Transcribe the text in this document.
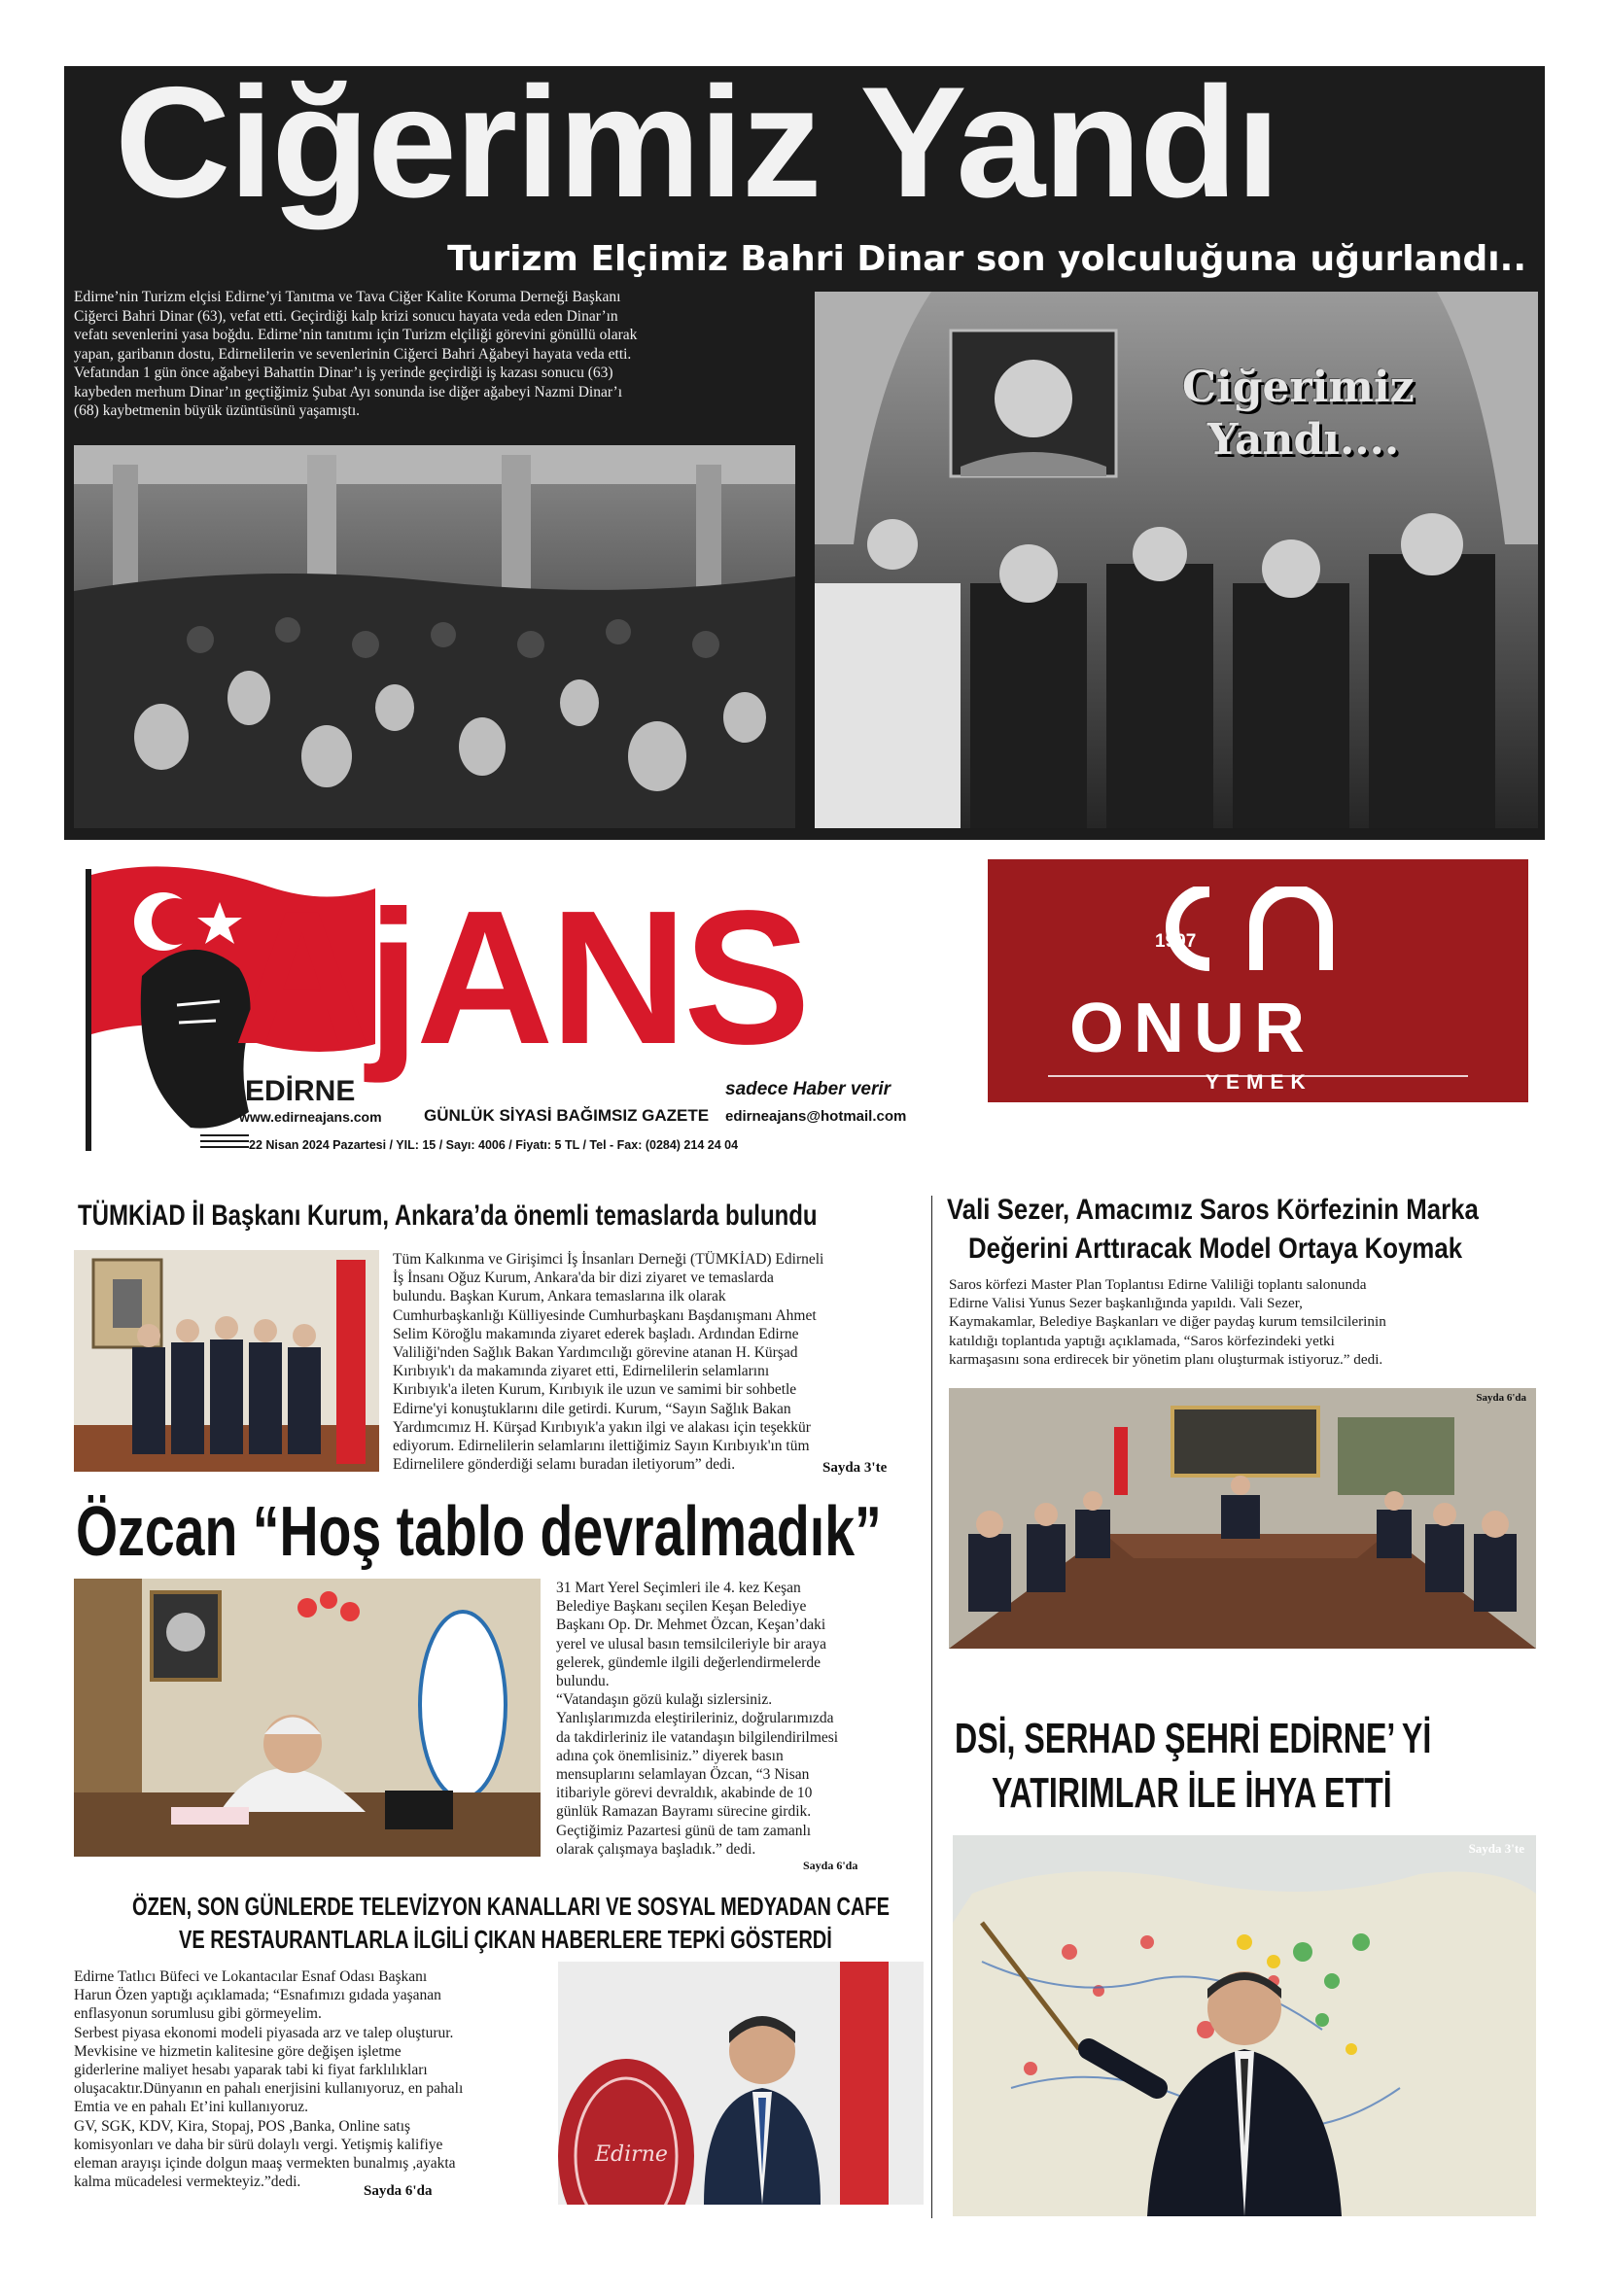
Ciğerimiz Yandı
Turizm Elçimiz Bahri Dinar son yolculuğuna uğurlandı..
Edirne’nin Turizm elçisi Edirne’yi Tanıtma ve Tava Ciğer Kalite Koruma Derneği Başkanı
Ciğerci Bahri Dinar (63), vefat etti. Geçirdiği kalp krizi sonucu hayata veda eden Dinar’ın
vefatı sevenlerini yasa boğdu. Edirne’nin tanıtımı için Turizm elçiliği görevini gönüllü olarak
yapan, garibanın dostu, Edirnelilerin ve sevenlerinin Ciğerci Bahri Ağabeyi hayata veda etti.
Vefatından 1 gün önce ağabeyi Bahattin Dinar’ı iş yerinde geçirdiği iş kazası sonucu (63)
kaybeden merhum Dinar’ın geçtiğimiz Şubat Ayı sonunda ise diğer ağabeyi Nazmi Dinar’ı
(68) kaybetmenin büyük üzüntüsünü yaşamıştı.	Ciğerimiz
Yandı....
AjANS
EDİRNE	sadece Haber verir
www.edirneajans.com	GÜNLÜK SİYASİ BAĞIMSIZ GAZETE edirneajans@hotmail.com
22 Nisan 2024 Pazartesi / YIL: 15 / Sayı: 4006 / Fiyatı: 5 TL / Tel - Fax: (0284) 214 24 04
1997
ONUR
YEMEK
TÜMKİAD İl Başkanı Kurum, Ankara’da önemli temaslarda bulundu
Tüm Kalkınma ve Girişimci İş İnsanları Derneği (TÜMKİAD) Edirneli
İş İnsanı Oğuz Kurum, Ankara'da bir dizi ziyaret ve temaslarda
bulundu. Başkan Kurum, Ankara temaslarına ilk olarak
Cumhurbaşkanlığı Külliyesinde Cumhurbaşkanı Başdanışmanı Ahmet
Selim Köroğlu makamında ziyaret ederek başladı. Ardından Edirne
Valiliği'nden Sağlık Bakan Yardımcılığı görevine atanan H. Kürşad
Kırıbıyık'ı da makamında ziyaret etti, Edirnelilerin selamlarını
Kırıbıyık'a ileten Kurum, Kırıbıyık ile uzun ve samimi bir sohbetle
Edirne'yi konuştuklarını dile getirdi. Kurum, “Sayın Sağlık Bakan
Yardımcımız H. Kürşad Kırıbıyık'a yakın ilgi ve alakası için teşekkür
ediyorum. Edirnelilerin selamlarını ilettiğimiz Sayın Kırıbıyık'ın tüm
Edirnelilere gönderdiği selamı buradan iletiyorum” dedi.	Sayda 3'te
Özcan “Hoş tablo devralmadık”
31 Mart Yerel Seçimleri ile 4. kez Keşan
Belediye Başkanı seçilen Keşan Belediye
Başkanı Op. Dr. Mehmet Özcan, Keşan’daki
yerel ve ulusal basın temsilcileriyle bir araya
gelerek, gündemle ilgili değerlendirmelerde
bulundu.
“Vatandaşın gözü kulağı sizlersiniz.
Yanlışlarımızda eleştirileriniz, doğrularımızda
da takdirleriniz ile vatandaşın bilgilendirilmesi
adına çok önemlisiniz.” diyerek basın
mensuplarını selamlayan Özcan, “3 Nisan
itibariyle görevi devraldık, akabinde de 10
günlük Ramazan Bayramı sürecine girdik.
Geçtiğimiz Pazartesi günü de tam zamanlı
olarak çalışmaya başladık.” dedi.
Sayda 6'da
ÖZEN, SON GÜNLERDE TELEVİZYON KANALLARI VE SOSYAL MEDYADAN CAFE
VE RESTAURANTLARLA İLGİLİ ÇIKAN HABERLERE TEPKİ GÖSTERDİ
Edirne Tatlıcı Büfeci ve Lokantacılar Esnaf Odası Başkanı
Harun Özen yaptığı açıklamada; “Esnafımızı gıdada yaşanan
enflasyonun sorumlusu gibi görmeyelim.
Serbest piyasa ekonomi modeli piyasada arz ve talep oluşturur.
Mevkisine ve hizmetin kalitesine göre değişen işletme
giderlerine maliyet hesabı yaparak tabi ki fiyat farklılıkları
oluşacaktır.Dünyanın en pahalı enerjisini kullanıyoruz, en pahalı
Emtia ve en pahalı Et’ini kullanıyoruz.
GV, SGK, KDV, Kira, Stopaj, POS ,Banka, Online satış
komisyonları ve daha bir sürü dolaylı vergi. Yetişmiş kalifiye
eleman arayışı içinde dolgun maaş vermekten bunalmış ,ayakta
kalma mücadelesi vermekteyiz.”dedi.
Sayda 6'da
Edirne
Vali Sezer, Amacımız Saros Körfezinin Marka
Değerini Arttıracak Model Ortaya Koymak
Saros körfezi Master Plan Toplantısı Edirne Valiliği toplantı salonunda
Edirne Valisi Yunus Sezer başkanlığında yapıldı. Vali Sezer,
Kaymakamlar, Belediye Başkanları ve diğer paydaş kurum temsilcilerinin
katıldığı toplantıda yaptığı açıklamada, “Saros körfezindeki yetki
karmaşasını sona erdirecek bir yönetim planı oluşturmak istiyoruz.” dedi.
Sayda 6'da
DSİ, SERHAD ŞEHRİ EDİRNE’ Yİ
YATIRIMLAR İLE İHYA ETTİ
Sayda 3'te
